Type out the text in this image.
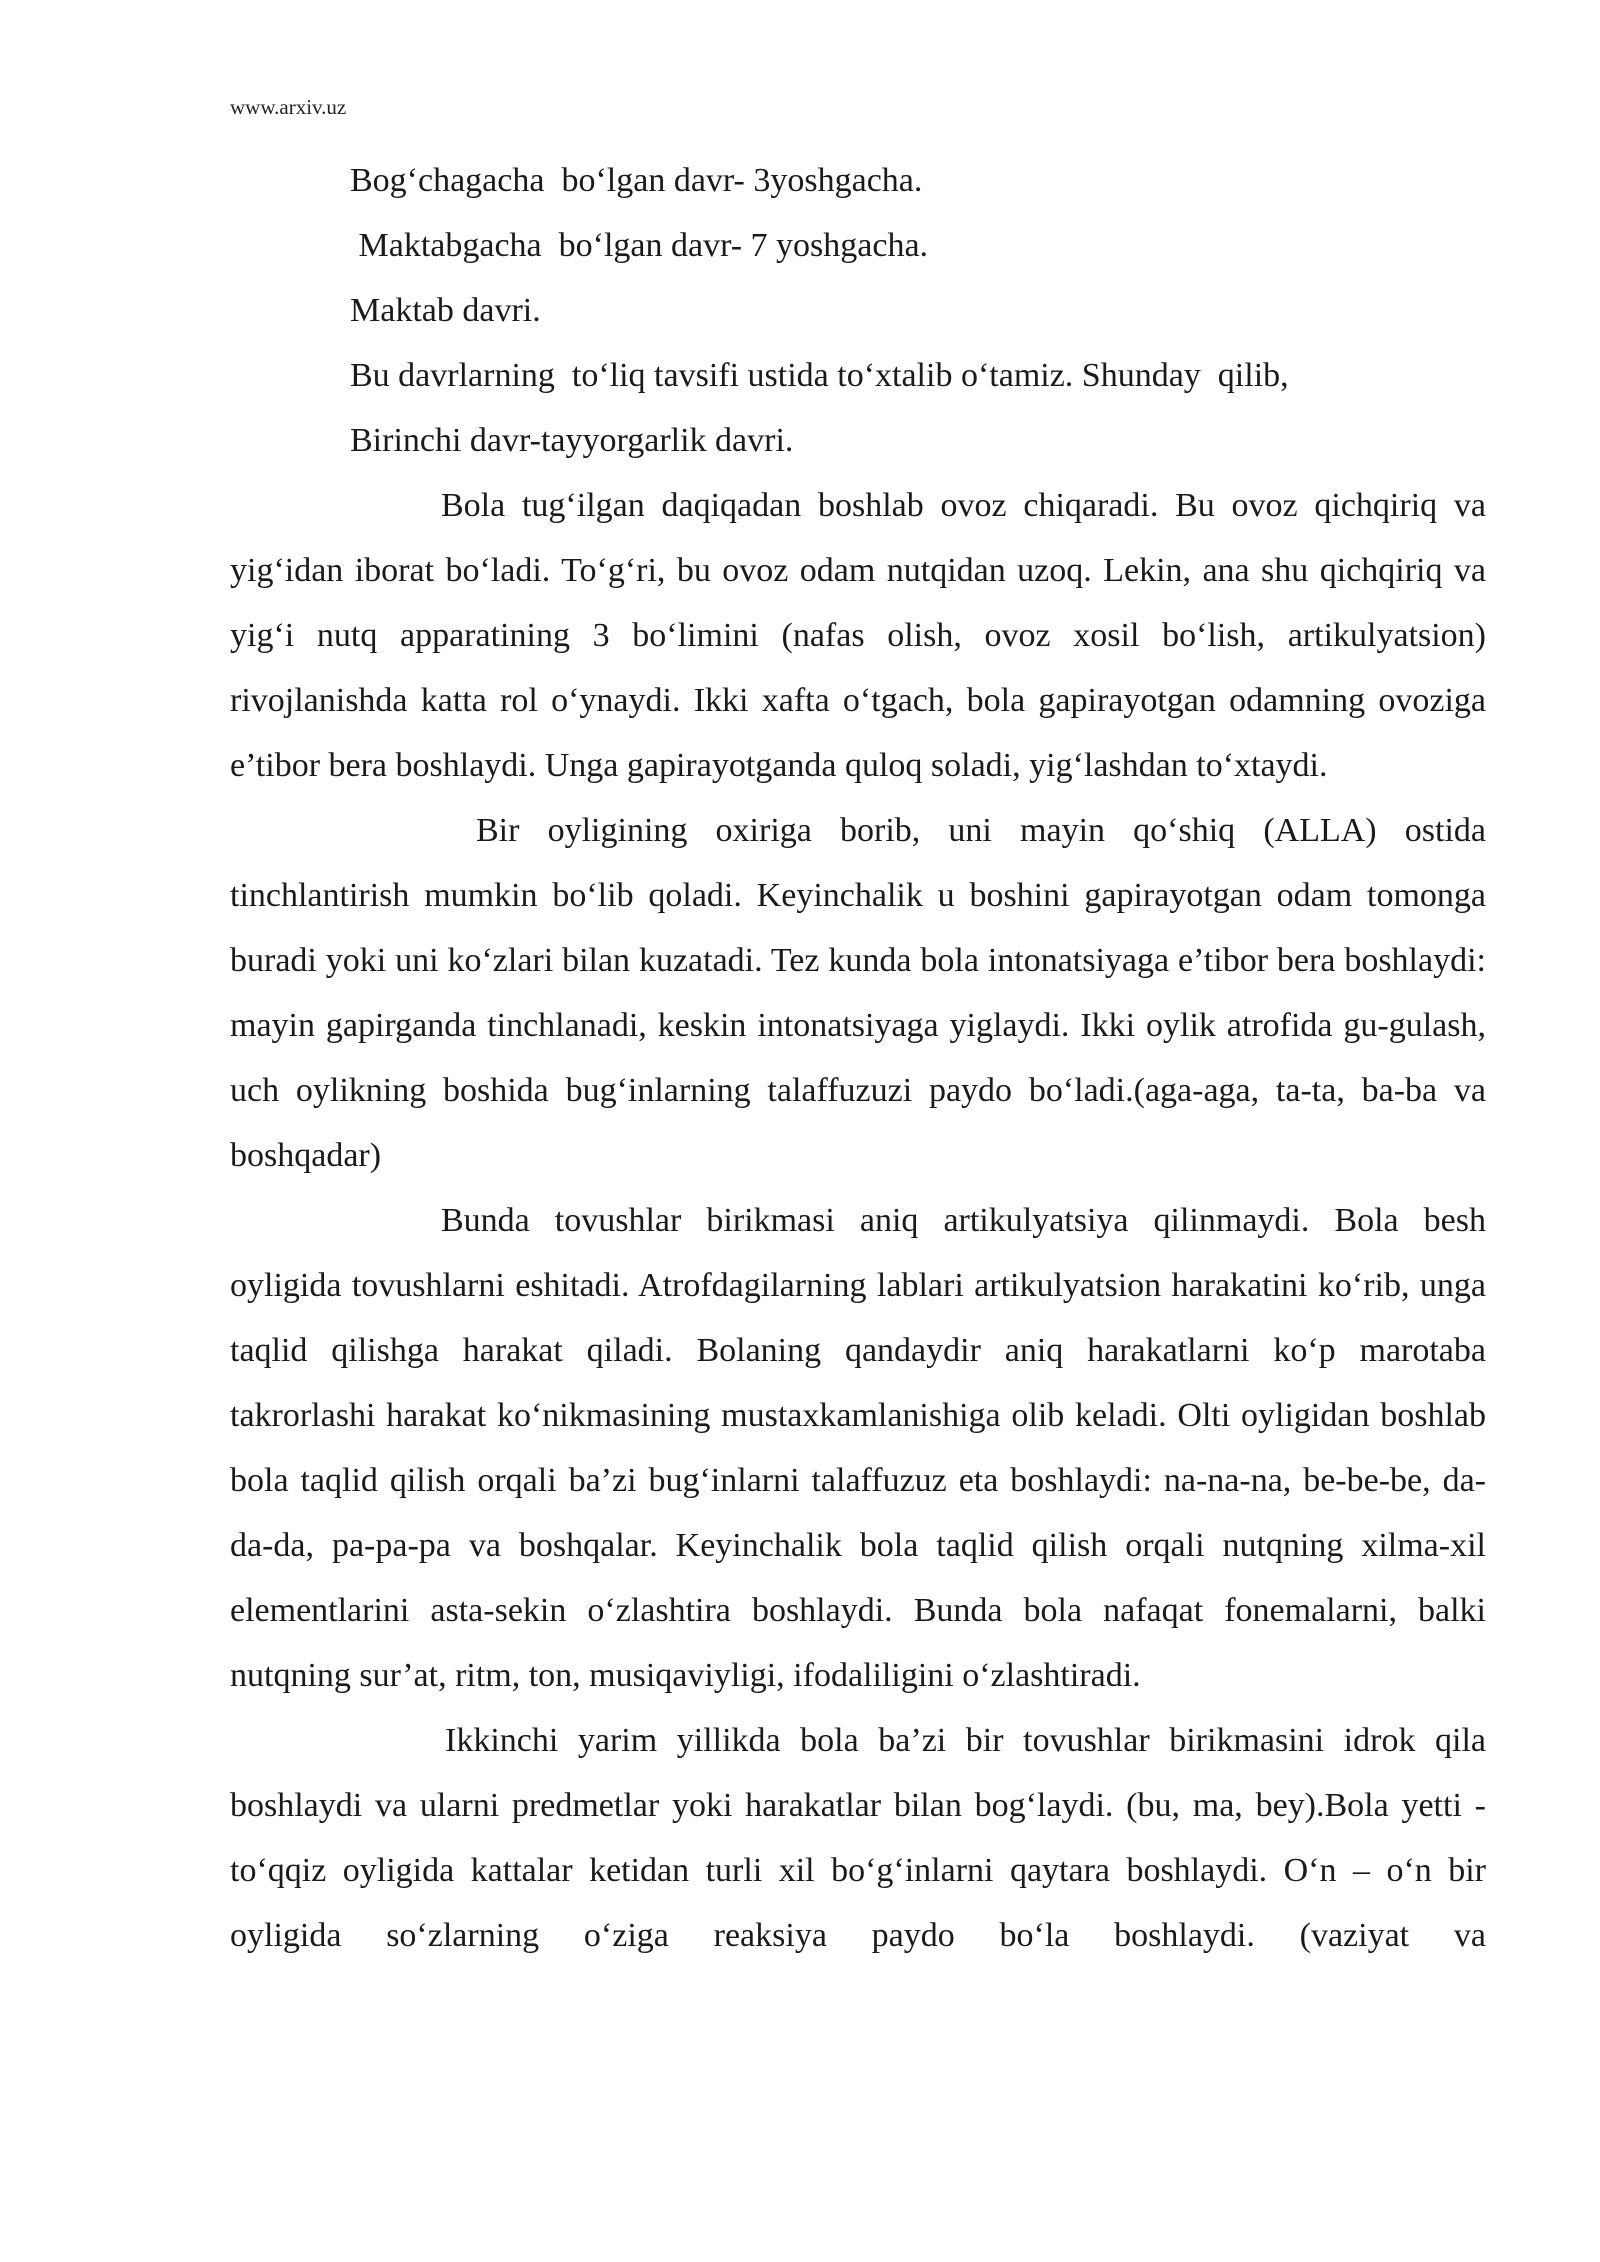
www.arxiv.uz

Bog‘chagacha  bo‘lgan davr- 3yoshgacha.

Maktabgacha  bo‘lgan davr- 7 yoshgacha.

Maktab davri.

Bu davrlarning  to‘liq tavsifi ustida to‘xtalib o‘tamiz. Shunday  qilib,

Birinchi davr-tayyorgarlik davri.

Bola tug‘ilgan daqiqadan boshlab ovoz chiqaradi. Bu ovoz qichqiriq va yig‘idan iborat bo‘ladi. To‘g‘ri, bu ovoz odam nutqidan uzoq. Lekin, ana shu qichqiriq va yig‘i nutq apparatining 3 bo‘limini (nafas olish, ovoz xosil bo‘lish, artikulyatsion) rivojlanishda katta rol o‘ynaydi. Ikki xafta o‘tgach, bola gapirayotgan odamning ovoziga e’tibor bera boshlaydi. Unga gapirayotganda quloq soladi, yig‘lashdan to‘xtaydi.

Bir oyligining oxiriga borib, uni mayin qo‘shiq (ALLA) ostida tinchlantirish mumkin bo‘lib qoladi. Keyinchalik u boshini gapirayotgan odam tomonga buradi yoki uni ko‘zlari bilan kuzatadi. Tez kunda bola intonatsiyaga e’tibor bera boshlaydi: mayin gapirganda tinchlanadi, keskin intonatsiyaga yiglaydi. Ikki oylik atrofida gu-gulash, uch oylikning boshida bug‘inlarning talaffuzuzi paydo bo‘ladi.(aga-aga, ta-ta, ba-ba va boshqadar)

Bunda tovushlar birikmasi aniq artikulyatsiya qilinmaydi. Bola besh oyligida tovushlarni eshitadi. Atrofdagilarning lablari artikulyatsion harakatini ko‘rib, unga taqlid qilishga harakat qiladi. Bolaning qandaydir aniq harakatlarni ko‘p marotaba takrorlashi harakat ko‘nikmasining mustaxkamlanishiga olib keladi. Olti oyligidan boshlab bola taqlid qilish orqali ba’zi bug‘inlarni talaffuzuz eta boshlaydi: na-na-na, be-be-be, da-da-da, pa-pa-pa va boshqalar. Keyinchalik bola taqlid qilish orqali nutqning xilma-xil elementlarini asta-sekin o‘zlashtira boshlaydi. Bunda bola nafaqat fonemalarni, balki nutqning sur’at, ritm, ton, musiqaviyligi, ifodaliligini o‘zlashtiradi.

Ikkinchi yarim yillikda bola ba’zi bir tovushlar birikmasini idrok qila boshlaydi va ularni predmetlar yoki harakatlar bilan bog‘laydi. (bu, ma, bey).Bola yetti - to‘qqiz oyligida kattalar ketidan turli xil bo‘g‘inlarni qaytara boshlaydi. O‘n – o‘n bir oyligida so‘zlarning o‘ziga reaksiya paydo bo‘la boshlaydi. (vaziyat va
